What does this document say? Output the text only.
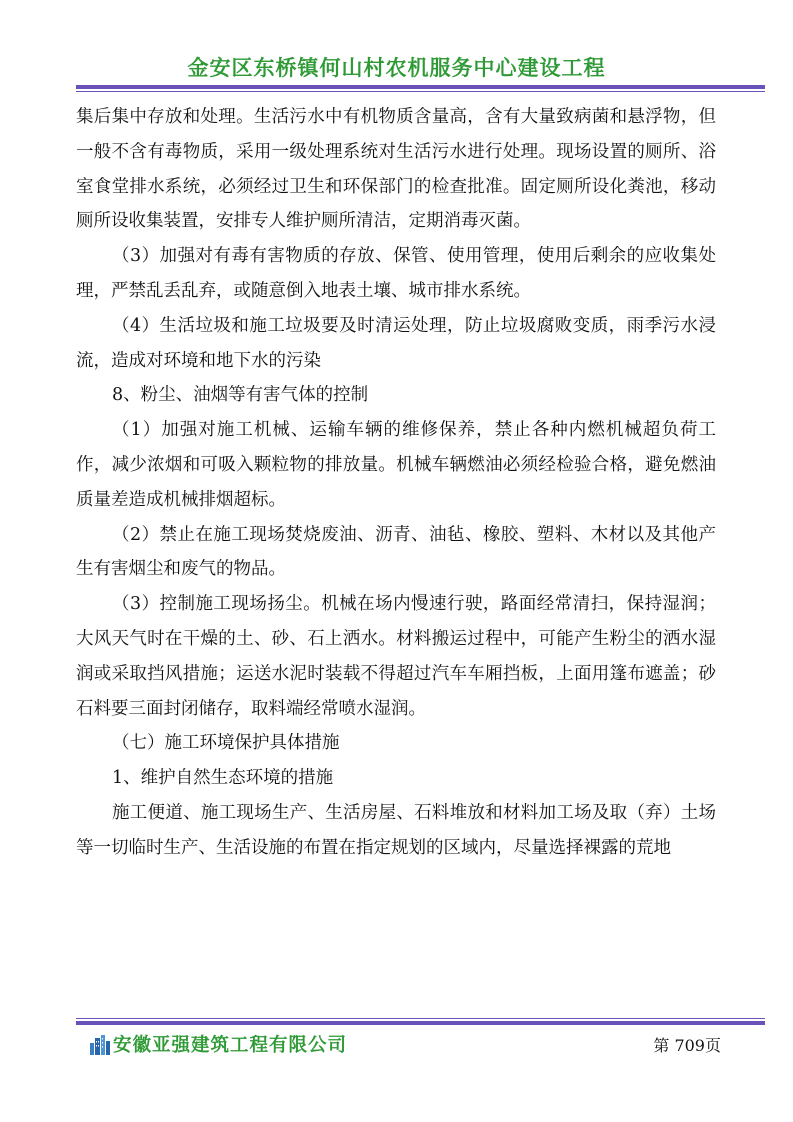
金安区东桥镇何山村农机服务中心建设工程

集后集中存放和处理。生活污水中有机物质含量高，含有大量致病菌和悬浮物，但一般不含有毒物质，采用一级处理系统对生活污水进行处理。现场设置的厕所、浴室食堂排水系统，必须经过卫生和环保部门的检查批准。固定厕所设化粪池，移动厕所设收集装置，安排专人维护厕所清洁，定期消毒灭菌。

（3）加强对有毒有害物质的存放、保管、使用管理，使用后剩余的应收集处理，严禁乱丢乱弃，或随意倒入地表土壤、城市排水系统。

（4）生活垃圾和施工垃圾要及时清运处理，防止垃圾腐败变质，雨季污水浸流，造成对环境和地下水的污染

8、粉尘、油烟等有害气体的控制

（1）加强对施工机械、运输车辆的维修保养，禁止各种内燃机械超负荷工作，减少浓烟和可吸入颗粒物的排放量。机械车辆燃油必须经检验合格，避免燃油质量差造成机械排烟超标。

（2）禁止在施工现场焚烧废油、沥青、油毡、橡胶、塑料、木材以及其他产生有害烟尘和废气的物品。

（3）控制施工现场扬尘。机械在场内慢速行驶，路面经常清扫，保持湿润；大风天气时在干燥的土、砂、石上洒水。材料搬运过程中，可能产生粉尘的洒水湿润或采取挡风措施；运送水泥时装载不得超过汽车车厢挡板，上面用篷布遮盖；砂石料要三面封闭储存，取料端经常喷水湿润。

（七）施工环境保护具体措施

1、维护自然生态环境的措施

施工便道、施工现场生产、生活房屋、石料堆放和材料加工场及取（弃）土场等一切临时生产、生活设施的布置在指定规划的区域内，尽量选择裸露的荒地

安徽亚强建筑工程有限公司	第 709页
